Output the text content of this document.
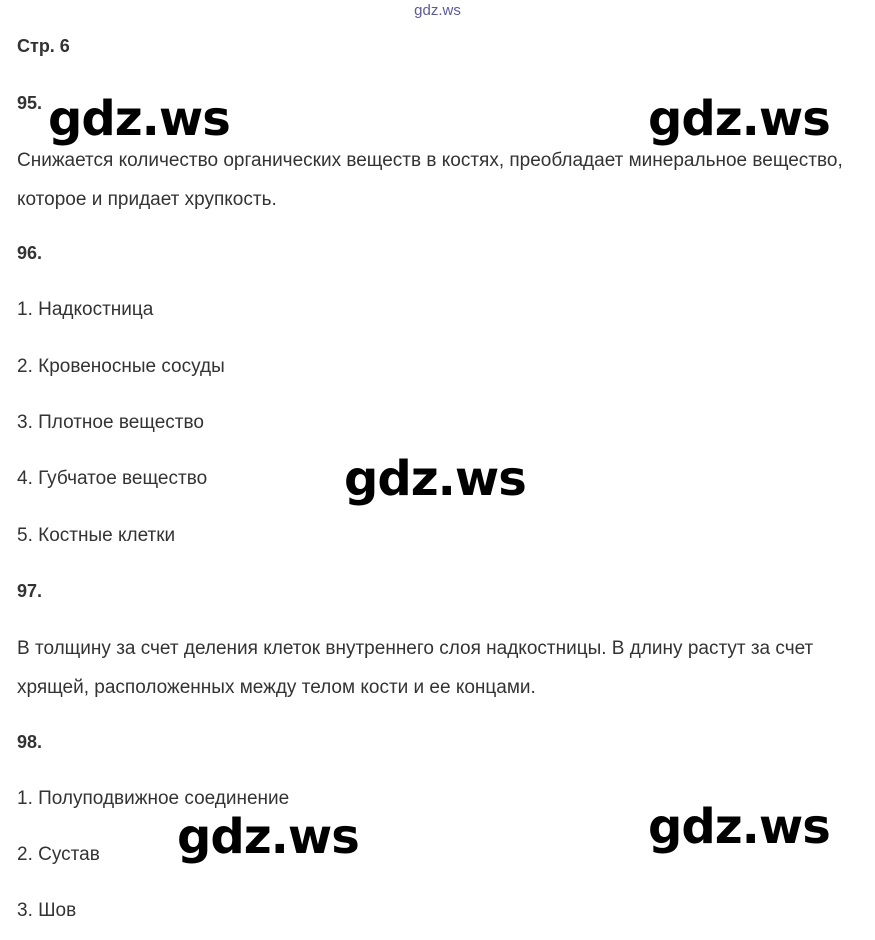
gdz.ws
Стр. 6
95.
Снижается количество органических веществ в костях, преобладает минеральное вещество, которое и придает хрупкость.
96.
1. Надкостница
2. Кровеносные сосуды
3. Плотное вещество
4. Губчатое вещество
5. Костные клетки
97.
В толщину за счет деления клеток внутреннего слоя надкостницы. В длину растут за счет хрящей, расположенных между телом кости и ее концами.
98.
1. Полуподвижное соединение
2. Сустав
3. Шов
gdz.ws	gdz.ws
gdz.ws
gdz.ws	gdz.ws
